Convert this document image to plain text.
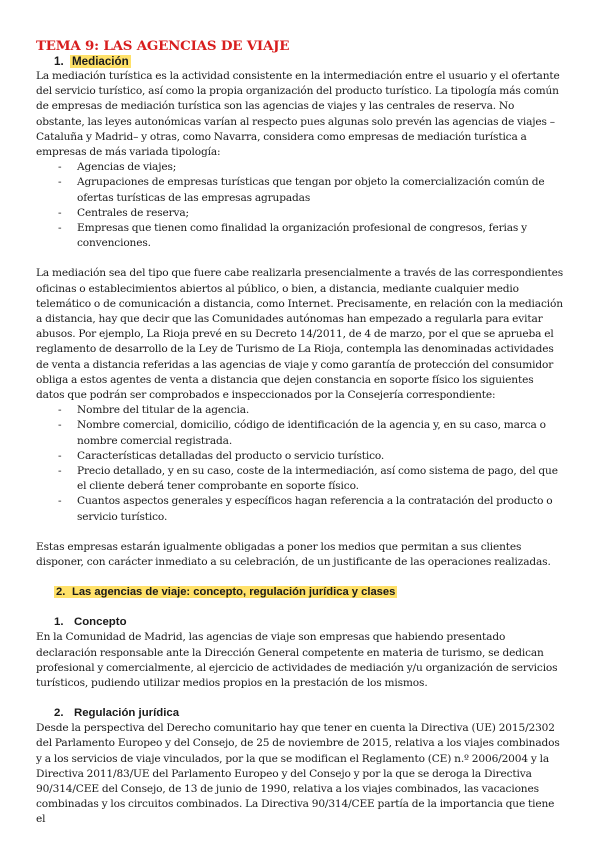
TEMA 9: LAS AGENCIAS DE VIAJE
1. Mediación

La mediación turística es la actividad consistente en la intermediación entre el usuario y el ofertante del servicio turístico, así como la propia organización del producto turístico. La tipología más común de empresas de mediación turística son las agencias de viajes y las centrales de reserva. No obstante, las leyes autonómicas varían al respecto pues algunas solo prevén las agencias de viajes –Cataluña y Madrid– y otras, como Navarra, considera como empresas de mediación turística a empresas de más variada tipología:

- Agencias de viajes;
- Agrupaciones de empresas turísticas que tengan por objeto la comercialización común de ofertas turísticas de las empresas agrupadas
- Centrales de reserva;
- Empresas que tienen como finalidad la organización profesional de congresos, ferias y convenciones.

La mediación sea del tipo que fuere cabe realizarla presencialmente a través de las correspondientes oficinas o establecimientos abiertos al público, o bien, a distancia, mediante cualquier medio telemático o de comunicación a distancia, como Internet. Precisamente, en relación con la mediación a distancia, hay que decir que las Comunidades autónomas han empezado a regularla para evitar abusos. Por ejemplo, La Rioja prevé en su Decreto 14/2011, de 4 de marzo, por el que se aprueba el reglamento de desarrollo de la Ley de Turismo de La Rioja, contempla las denominadas actividades de venta a distancia referidas a las agencias de viaje y como garantía de protección del consumidor obliga a estos agentes de venta a distancia que dejen constancia en soporte físico los siguientes datos que podrán ser comprobados e inspeccionados por la Consejería correspondiente:

- Nombre del titular de la agencia.
- Nombre comercial, domicilio, código de identificación de la agencia y, en su caso, marca o nombre comercial registrada.
- Características detalladas del producto o servicio turístico.
- Precio detallado, y en su caso, coste de la intermediación, así como sistema de pago, del que el cliente deberá tener comprobante en soporte físico.
- Cuantos aspectos generales y específicos hagan referencia a la contratación del producto o servicio turístico.

Estas empresas estarán igualmente obligadas a poner los medios que permitan a sus clientes disponer, con carácter inmediato a su celebración, de un justificante de las operaciones realizadas.

2. Las agencias de viaje: concepto, regulación jurídica y clases
1. Concepto

En la Comunidad de Madrid, las agencias de viaje son empresas que habiendo presentado declaración responsable ante la Dirección General competente en materia de turismo, se dedican profesional y comercialmente, al ejercicio de actividades de mediación y/u organización de servicios turísticos, pudiendo utilizar medios propios en la prestación de los mismos.

2. Regulación jurídica

Desde la perspectiva del Derecho comunitario hay que tener en cuenta la Directiva (UE) 2015/2302 del Parlamento Europeo y del Consejo, de 25 de noviembre de 2015, relativa a los viajes combinados y a los servicios de viaje vinculados, por la que se modifican el Reglamento (CE) n.º 2006/2004 y la Directiva 2011/83/UE del Parlamento Europeo y del Consejo y por la que se deroga la Directiva 90/314/CEE del Consejo, de 13 de junio de 1990, relativa a los viajes combinados, las vacaciones combinadas y los circuitos combinados. La Directiva 90/314/CEE partía de la importancia que tiene el
